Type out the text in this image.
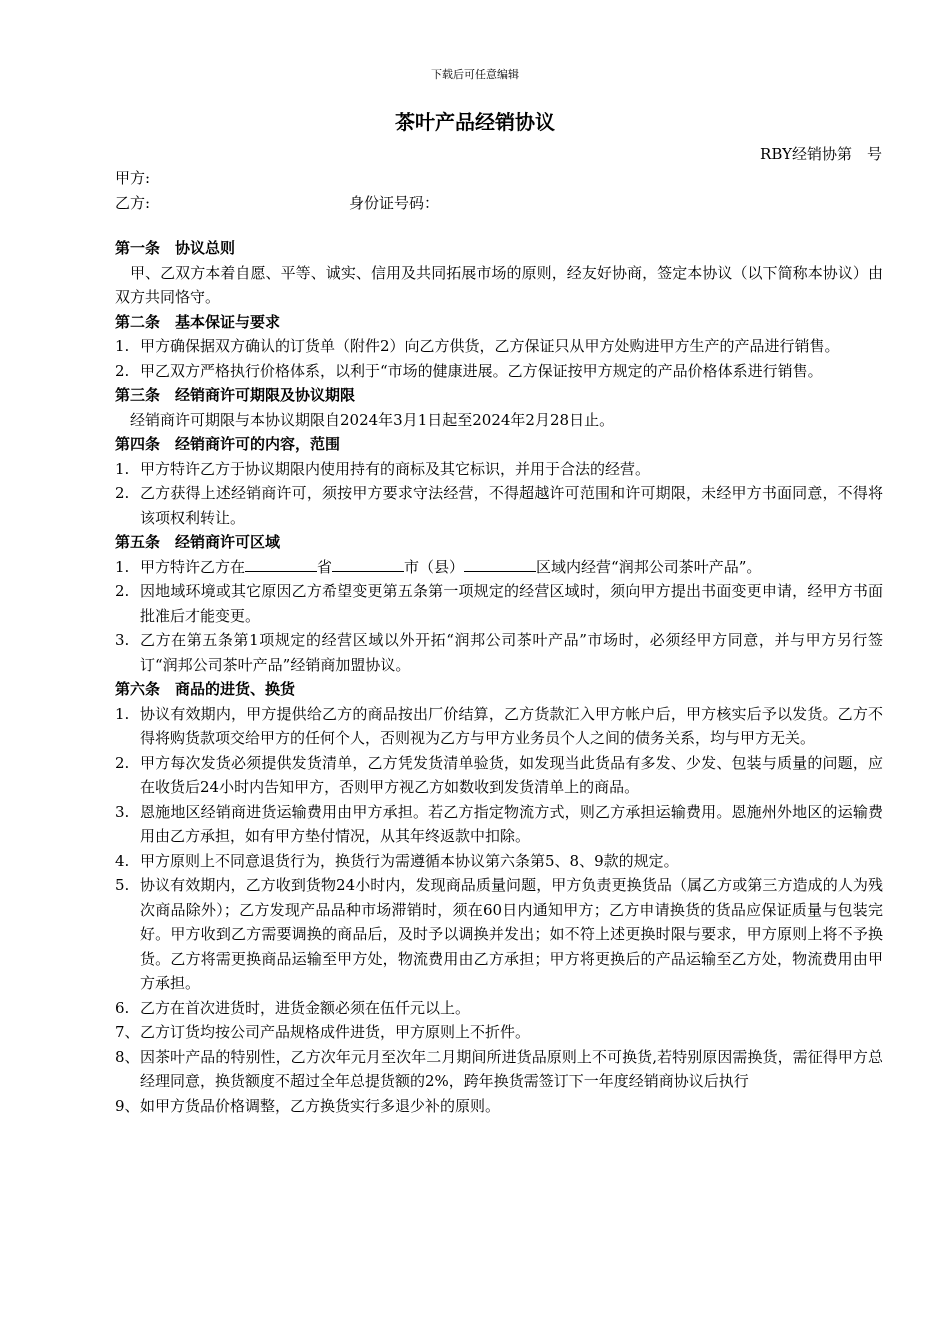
下载后可任意编辑
茶叶产品经销协议
RBY经销协第　号
甲方:
乙方:	身份证号码：
第一条　协议总则
甲、乙双方本着自愿、平等、诚实、信用及共同拓展市场的原则，经友好协商，签定本协议（以下简称本协议）由双方共同恪守。
第二条　基本保证与要求
1. 甲方确保据双方确认的订货单（附件2）向乙方供货，乙方保证只从甲方处购进甲方生产的产品进行销售。
2. 甲乙双方严格执行价格体系，以利于“市场的健康进展。乙方保证按甲方规定的产品价格体系进行销售。
第三条　经销商许可期限及协议期限
经销商许可期限与本协议期限自2024年3月1日起至2024年2月28日止。
第四条　经销商许可的内容，范围
1. 甲方特许乙方于协议期限内使用持有的商标及其它标识，并用于合法的经营。
2. 乙方获得上述经销商许可，须按甲方要求守法经营，不得超越许可范围和许可期限，未经甲方书面同意，不得将该项权利转让。
第五条　经销商许可区域
1. 甲方特许乙方在	省	市（县）	区域内经营“润邦公司茶叶产品”。
2. 因地域环境或其它原因乙方希望变更第五条第一项规定的经营区域时，须向甲方提出书面变更申请，经甲方书面批准后才能变更。
3. 乙方在第五条第1项规定的经营区域以外开拓“润邦公司茶叶产品”市场时，必须经甲方同意，并与甲方另行签订“润邦公司茶叶产品”经销商加盟协议。
第六条　商品的进货、换货
1. 协议有效期内，甲方提供给乙方的商品按出厂价结算，乙方货款汇入甲方帐户后，甲方核实后予以发货。乙方不得将购货款项交给甲方的任何个人，否则视为乙方与甲方业务员个人之间的债务关系，均与甲方无关。
2. 甲方每次发货必须提供发货清单，乙方凭发货清单验货，如发现当此货品有多发、少发、包装与质量的问题，应在收货后24小时内告知甲方，否则甲方视乙方如数收到发货清单上的商品。
3. 恩施地区经销商进货运输费用由甲方承担。若乙方指定物流方式，则乙方承担运输费用。恩施州外地区的运输费用由乙方承担，如有甲方垫付情况，从其年终返款中扣除。
4. 甲方原则上不同意退货行为，换货行为需遵循本协议第六条第5、8、9款的规定。
5. 协议有效期内，乙方收到货物24小时内，发现商品质量问题，甲方负责更换货品（属乙方或第三方造成的人为残次商品除外）；乙方发现产品品种市场滞销时，须在60日内通知甲方；乙方申请换货的货品应保证质量与包装完好。甲方收到乙方需要调换的商品后，及时予以调换并发出；如不符上述更换时限与要求，甲方原则上将不予换货。乙方将需更换商品运输至甲方处，物流费用由乙方承担；甲方将更换后的产品运输至乙方处，物流费用由甲方承担。
6. 乙方在首次进货时，进货金额必须在伍仟元以上。
7、 乙方订货均按公司产品规格成件进货，甲方原则上不折件。
8、 因茶叶产品的特别性，乙方次年元月至次年二月期间所进货品原则上不可换货,若特别原因需换货，需征得甲方总经理同意，换货额度不超过全年总提货额的2%，跨年换货需签订下一年度经销商协议后执行
9、 如甲方货品价格调整，乙方换货实行多退少补的原则。
